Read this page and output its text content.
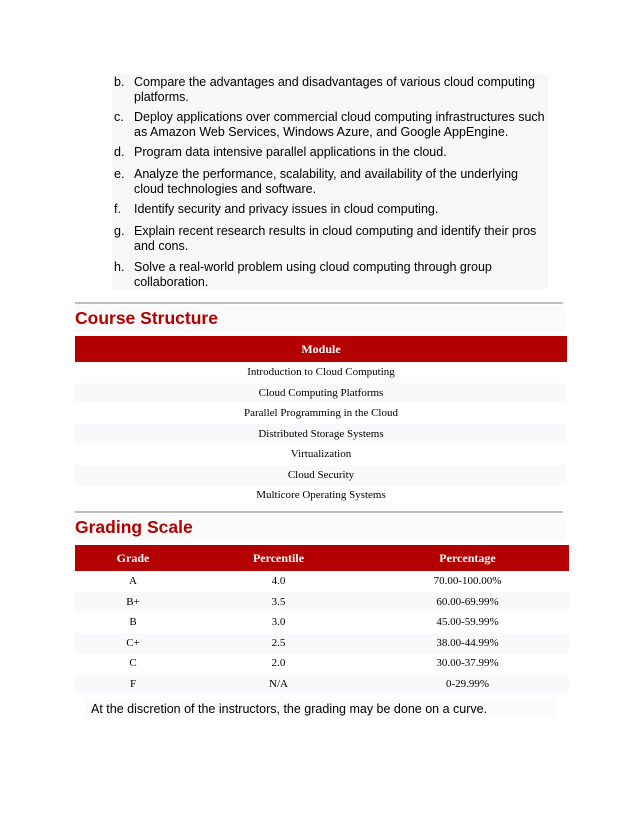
b. Compare the advantages and disadvantages of various cloud computing platforms.
c. Deploy applications over commercial cloud computing infrastructures such as Amazon Web Services, Windows Azure, and Google AppEngine.
d. Program data intensive parallel applications in the cloud.
e. Analyze the performance, scalability, and availability of the underlying cloud technologies and software.
f. Identify security and privacy issues in cloud computing.
g. Explain recent research results in cloud computing and identify their pros and cons.
h. Solve a real-world problem using cloud computing through group collaboration.
Course Structure
Module
Introduction to Cloud Computing
Cloud Computing Platforms
Parallel Programming in the Cloud
Distributed Storage Systems
Virtualization
Cloud Security
Multicore Operating Systems
Grading Scale
Grade	Percentile	Percentage
A	4.0	70.00-100.00%
B+	3.5	60.00-69.99%
B	3.0	45.00-59.99%
C+	2.5	38.00-44.99%
C	2.0	30.00-37.99%
F	N/A	0-29.99%
At the discretion of the instructors, the grading may be done on a curve.
